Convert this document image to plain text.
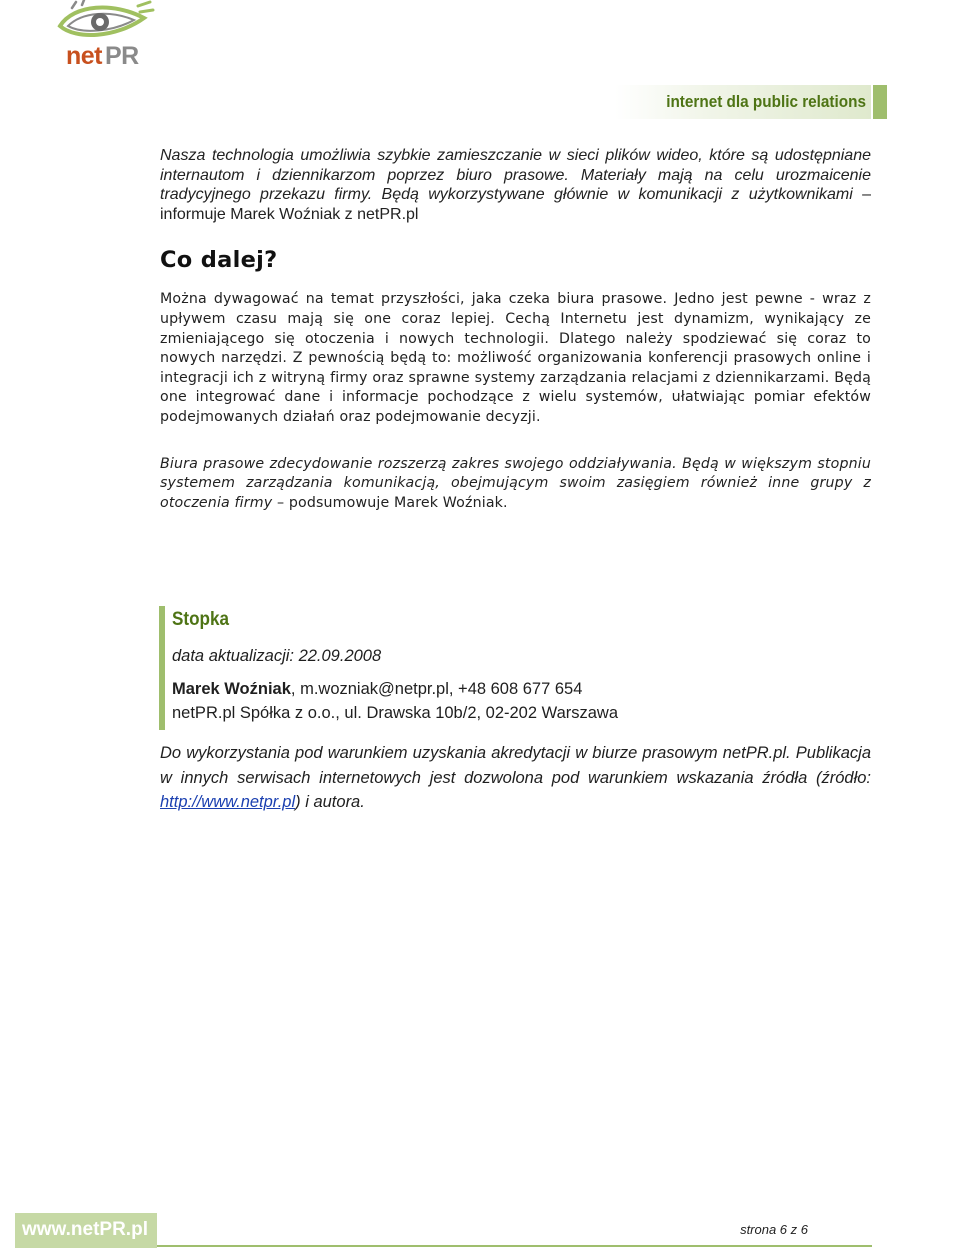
net PR
internet dla public relations

Nasza technologia umożliwia szybkie zamieszczanie w sieci plików wideo, które są udostępniane internautom i dziennikarzom poprzez biuro prasowe. Materiały mają na celu urozmaicenie tradycyjnego przekazu firmy. Będą wykorzystywane głównie w komunikacji z użytkownikami – informuje Marek Woźniak z netPR.pl

Co dalej?

Można dywagować na temat przyszłości, jaka czeka biura prasowe. Jedno jest pewne - wraz z upływem czasu mają się one coraz lepiej. Cechą Internetu jest dynamizm, wynikający ze zmieniającego się otoczenia i nowych technologii. Dlatego należy spodziewać się coraz to nowych narzędzi. Z pewnością będą to: możliwość organizowania konferencji prasowych online i integracji ich z witryną firmy oraz sprawne systemy zarządzania relacjami z dziennikarzami. Będą one integrować dane i informacje pochodzące z wielu systemów, ułatwiając pomiar efektów podejmowanych działań oraz podejmowanie decyzji.

Biura prasowe zdecydowanie rozszerzą zakres swojego oddziaływania. Będą w większym stopniu systemem zarządzania komunikacją, obejmującym swoim zasięgiem również inne grupy z otoczenia firmy – podsumowuje Marek Woźniak.

Stopka
data aktualizacji: 22.09.2008
Marek Woźniak, m.wozniak@netpr.pl, +48 608 677 654
netPR.pl Spółka z o.o., ul. Drawska 10b/2, 02-202 Warszawa
Do wykorzystania pod warunkiem uzyskania akredytacji w biurze prasowym netPR.pl. Publikacja w innych serwisach internetowych jest dozwolona pod warunkiem wskazania źródła (źródło: http://www.netpr.pl) i autora.
www.netPR.pl	strona 6 z 6
